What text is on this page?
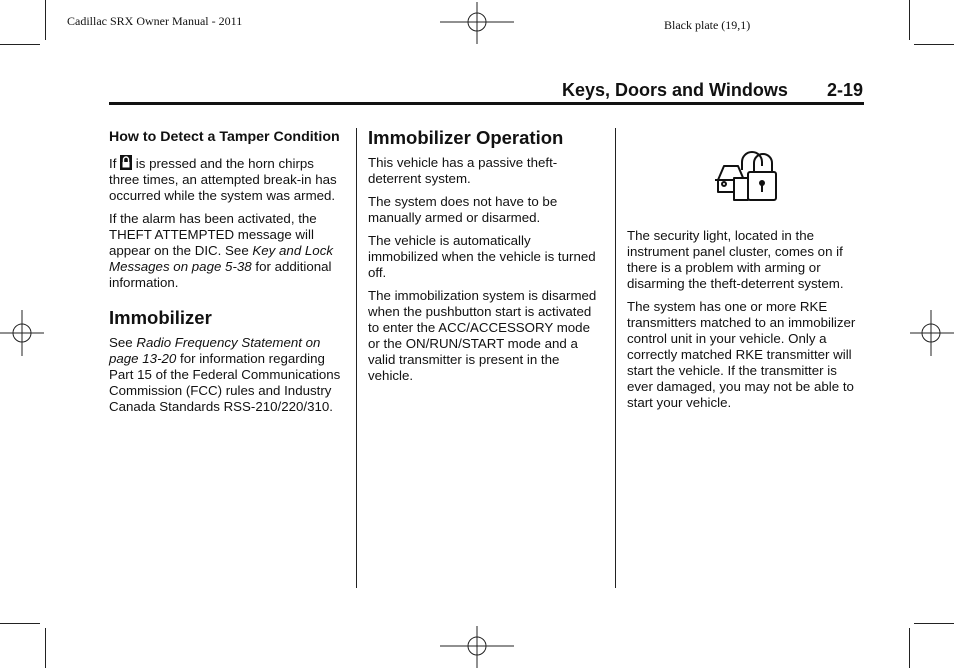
Cadillac SRX Owner Manual - 2011	Black plate (19,1)
Keys, Doors and Windows 2-19
How to Detect a Tamper Condition

If is pressed and the horn chirps three times, an attempted break-in has occurred while the system was armed.

If the alarm has been activated, the THEFT ATTEMPTED message will appear on the DIC. See Key and Lock Messages on page 5-38 for additional information.

Immobilizer

See Radio Frequency Statement on page 13-20 for information regarding Part 15 of the Federal Communications Commission (FCC) rules and Industry Canada Standards RSS-210/220/310.

Immobilizer Operation

This vehicle has a passive theft-deterrent system.

The system does not have to be manually armed or disarmed.

The vehicle is automatically immobilized when the vehicle is turned off.

The immobilization system is disarmed when the pushbutton start is activated to enter the ACC/ACCESSORY mode or the ON/RUN/START mode and a valid transmitter is present in the vehicle.

The security light, located in the instrument panel cluster, comes on if there is a problem with arming or disarming the theft-deterrent system.

The system has one or more RKE transmitters matched to an immobilizer control unit in your vehicle. Only a correctly matched RKE transmitter will start the vehicle. If the transmitter is ever damaged, you may not be able to start your vehicle.
